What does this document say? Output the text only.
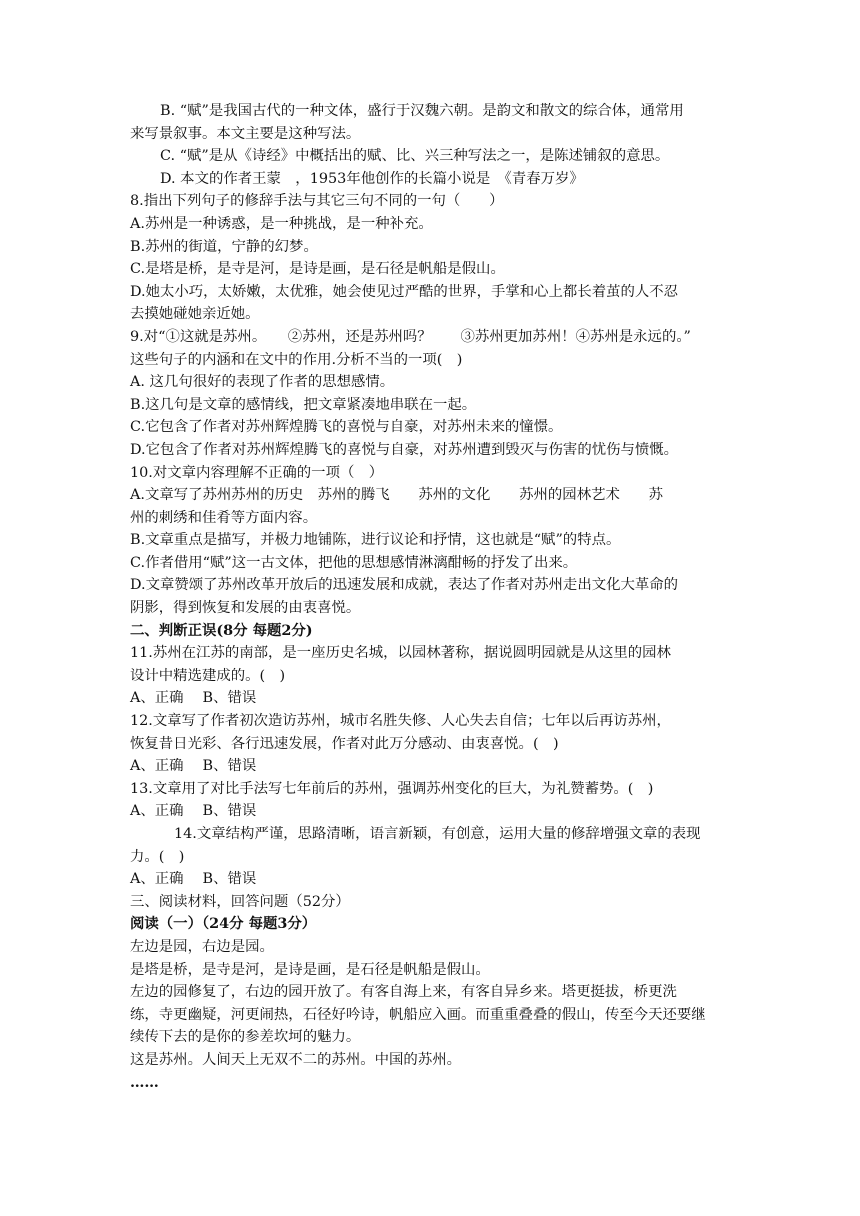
B. “赋”是我国古代的一种文体，盛行于汉魏六朝。是韵文和散文的综合体，通常用

来写景叙事。本文主要是这种写法。

C. “赋”是从《诗经》中概括出的赋、比、兴三种写法之一，是陈述铺叙的意思。

D. 本文的作者王蒙　，1953年他创作的长篇小说是　《青春万岁》

8.指出下列句子的修辞手法与其它三句不同的一句（　　）

A.苏州是一种诱惑，是一种挑战，是一种补充。

B.苏州的街道，宁静的幻梦。

C.是塔是桥，是寺是河，是诗是画，是石径是帆船是假山。

D.她太小巧，太娇嫩，太优雅，她会使见过严酷的世界，手掌和心上都长着茧的人不忍

去摸她碰她亲近她。

9.对“①这就是苏州。　　②苏州，还是苏州吗？　　③苏州更加苏州！④苏州是永远的。”

这些句子的内涵和在文中的作用.分析不当的一项(　)

A. 这几句很好的表现了作者的思想感情。

B.这几句是文章的感情线，把文章紧凑地串联在一起。

C.它包含了作者对苏州辉煌腾飞的喜悦与自豪，对苏州未来的憧憬。

D.它包含了作者对苏州辉煌腾飞的喜悦与自豪，对苏州遭到毁灭与伤害的忧伤与愤慨。

10.对文章内容理解不正确的一项（　）

A.文章写了苏州苏州的历史　苏州的腾飞　　苏州的文化　　苏州的园林艺术　　苏

州的刺绣和佳肴等方面内容。

B.文章重点是描写，并极力地铺陈，进行议论和抒情，这也就是“赋”的特点。

C.作者借用“赋”这一古文体，把他的思想感情淋漓酣畅的抒发了出来。

D.文章赞颂了苏州改革开放后的迅速发展和成就，表达了作者对苏州走出文化大革命的

阴影，得到恢复和发展的由衷喜悦。

二、判断正误(8分 每题2分)

11.苏州在江苏的南部，是一座历史名城，以园林著称，据说圆明园就是从这里的园林

设计中精选建成的。(　)

A、正确　 B、错误

12.文章写了作者初次造访苏州，城市名胜失修、人心失去自信；七年以后再访苏州，

恢复昔日光彩、各行迅速发展，作者对此万分感动、由衷喜悦。(　)

A、正确　 B、错误

13.文章用了对比手法写七年前后的苏州，强调苏州变化的巨大，为礼赞蓄势。(　)

A、正确　 B、错误

14.文章结构严谨，思路清晰，语言新颖，有创意，运用大量的修辞增强文章的表现

力。(　)

A、正确　 B、错误

三、阅读材料，回答问题（52分）

阅读（一）（24分 每题3分）

左边是园，右边是园。

是塔是桥，是寺是河，是诗是画，是石径是帆船是假山。

左边的园修复了，右边的园开放了。有客自海上来，有客自异乡来。塔更挺拔，桥更洗

练，寺更幽疑，河更闹热，石径好吟诗，帆船应入画。而重重叠叠的假山，传至今天还要继

续传下去的是你的参差坎坷的魅力。

这是苏州。人间天上无双不二的苏州。中国的苏州。

……
